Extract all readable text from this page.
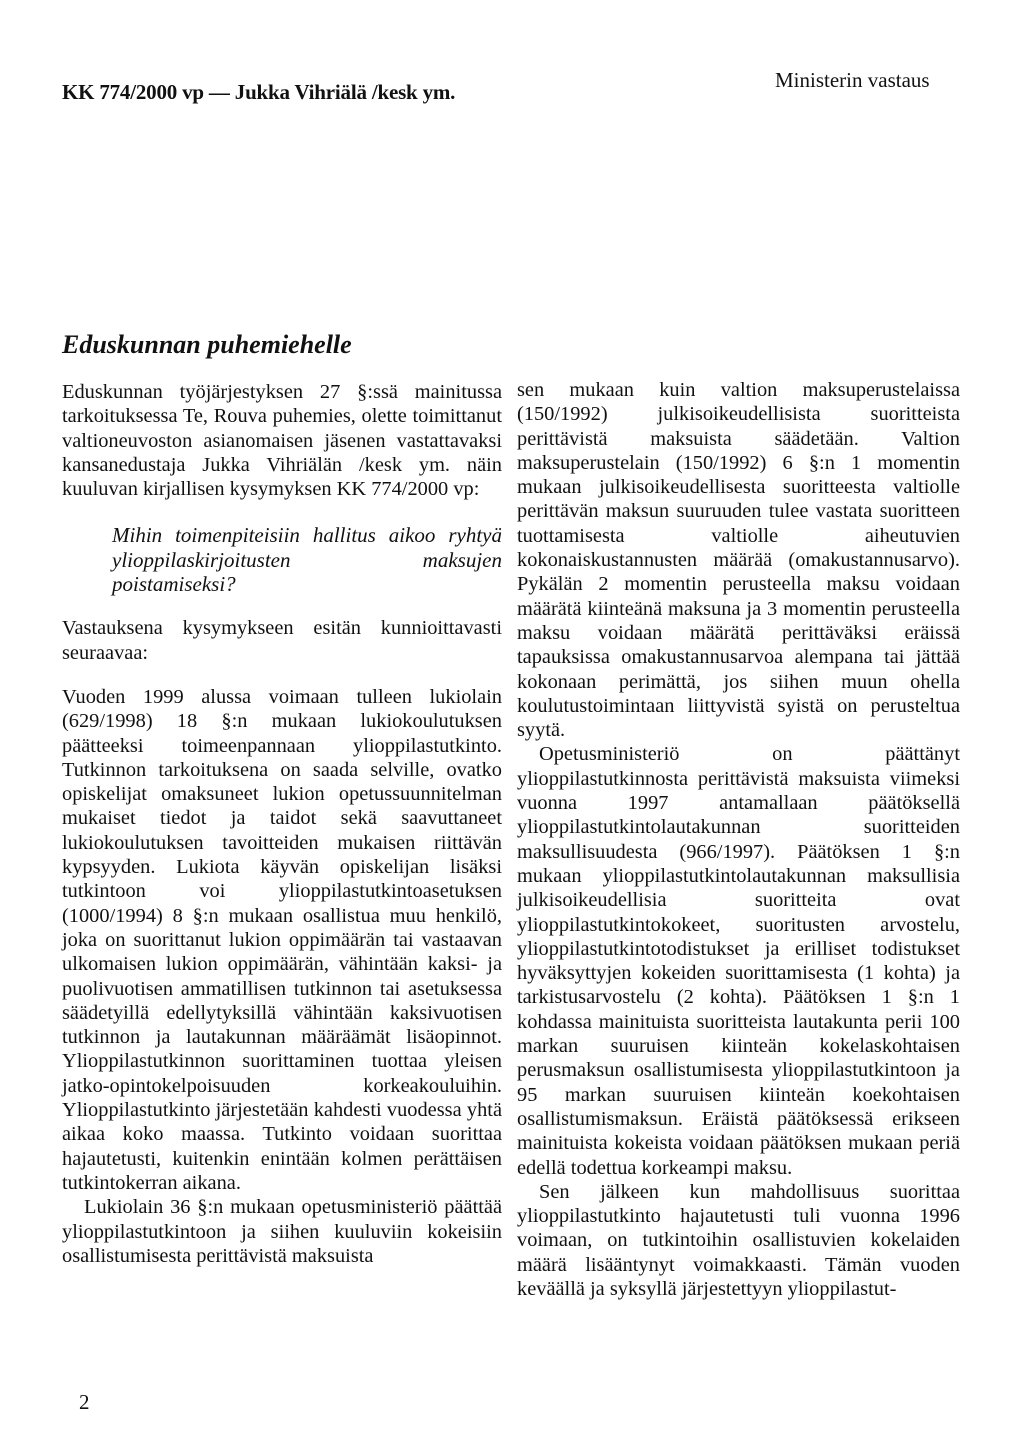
KK 774/2000 vp — Jukka Vihriälä /kesk ym.	Ministerin vastaus
Eduskunnan puhemiehelle

Eduskunnan työjärjestyksen 27 §:ssä mainitussa tarkoituksessa Te, Rouva puhemies, olette toimittanut valtioneuvoston asianomaisen jäsenen vastattavaksi kansanedustaja Jukka Vihriälän /kesk ym. näin kuuluvan kirjallisen kysymyksen KK 774/2000 vp:

Mihin toimenpiteisiin hallitus aikoo ryhtyä ylioppilaskirjoitusten maksujen poistamiseksi?

Vastauksena kysymykseen esitän kunnioittavasti seuraavaa:

Vuoden 1999 alussa voimaan tulleen lukiolain (629/1998) 18 §:n mukaan lukiokoulutuksen päätteeksi toimeenpannaan ylioppilastutkinto. Tutkinnon tarkoituksena on saada selville, ovatko opiskelijat omaksuneet lukion opetussuunnitelman mukaiset tiedot ja taidot sekä saavuttaneet lukiokoulutuksen tavoitteiden mukaisen riittävän kypsyyden. Lukiota käyvän opiskelijan lisäksi tutkintoon voi ylioppilastutkintoasetuksen (1000/1994) 8 §:n mukaan osallistua muu henkilö, joka on suorittanut lukion oppimäärän tai vastaavan ulkomaisen lukion oppimäärän, vähintään kaksi- ja puolivuotisen ammatillisen tutkinnon tai asetuksessa säädetyillä edellytyksillä vähintään kaksivuotisen tutkinnon ja lautakunnan määräämät lisäopinnot. Ylioppilastutkinnon suorittaminen tuottaa yleisen jatko-opintokelpoisuuden korkeakouluihin. Ylioppilastutkinto järjestetään kahdesti vuodessa yhtä aikaa koko maassa. Tutkinto voidaan suorittaa hajautetusti, kuitenkin enintään kolmen perättäisen tutkintokerran aikana.

Lukiolain 36 §:n mukaan opetusministeriö päättää ylioppilastutkintoon ja siihen kuuluviin kokeisiin osallistumisesta perittävistä maksuista

sen mukaan kuin valtion maksuperustelaissa (150/1992) julkisoikeudellisista suoritteista perittävistä maksuista säädetään. Valtion maksuperustelain (150/1992) 6 §:n 1 momentin mukaan julkisoikeudellisesta suoritteesta valtiolle perittävän maksun suuruuden tulee vastata suoritteen tuottamisesta valtiolle aiheutuvien kokonaiskustannusten määrää (omakustannusarvo). Pykälän 2 momentin perusteella maksu voidaan määrätä kiinteänä maksuna ja 3 momentin perusteella maksu voidaan määrätä perittäväksi eräissä tapauksissa omakustannusarvoa alempana tai jättää kokonaan perimättä, jos siihen muun ohella koulutustoimintaan liittyvistä syistä on perusteltua syytä.

Opetusministeriö on päättänyt ylioppilastutkinnosta perittävistä maksuista viimeksi vuonna 1997 antamallaan päätöksellä ylioppilastutkintolautakunnan suoritteiden maksullisuudesta (966/1997). Päätöksen 1 §:n mukaan ylioppilastutkintolautakunnan maksullisia julkisoikeudellisia suoritteita ovat ylioppilastutkintokokeet, suoritusten arvostelu, ylioppilastutkintotodistukset ja erilliset todistukset hyväksyttyjen kokeiden suorittamisesta (1 kohta) ja tarkistusarvostelu (2 kohta). Päätöksen 1 §:n 1 kohdassa mainituista suoritteista lautakunta perii 100 markan suuruisen kiinteän kokelaskohtaisen perusmaksun osallistumisesta ylioppilastutkintoon ja 95 markan suuruisen kiinteän koekohtaisen osallistumismaksun. Eräistä päätöksessä erikseen mainituista kokeista voidaan päätöksen mukaan periä edellä todettua korkeampi maksu.

Sen jälkeen kun mahdollisuus suorittaa ylioppilastutkinto hajautetusti tuli vuonna 1996 voimaan, on tutkintoihin osallistuvien kokelaiden määrä lisääntynyt voimakkaasti. Tämän vuoden keväällä ja syksyllä järjestettyyn ylioppilastut-

2
